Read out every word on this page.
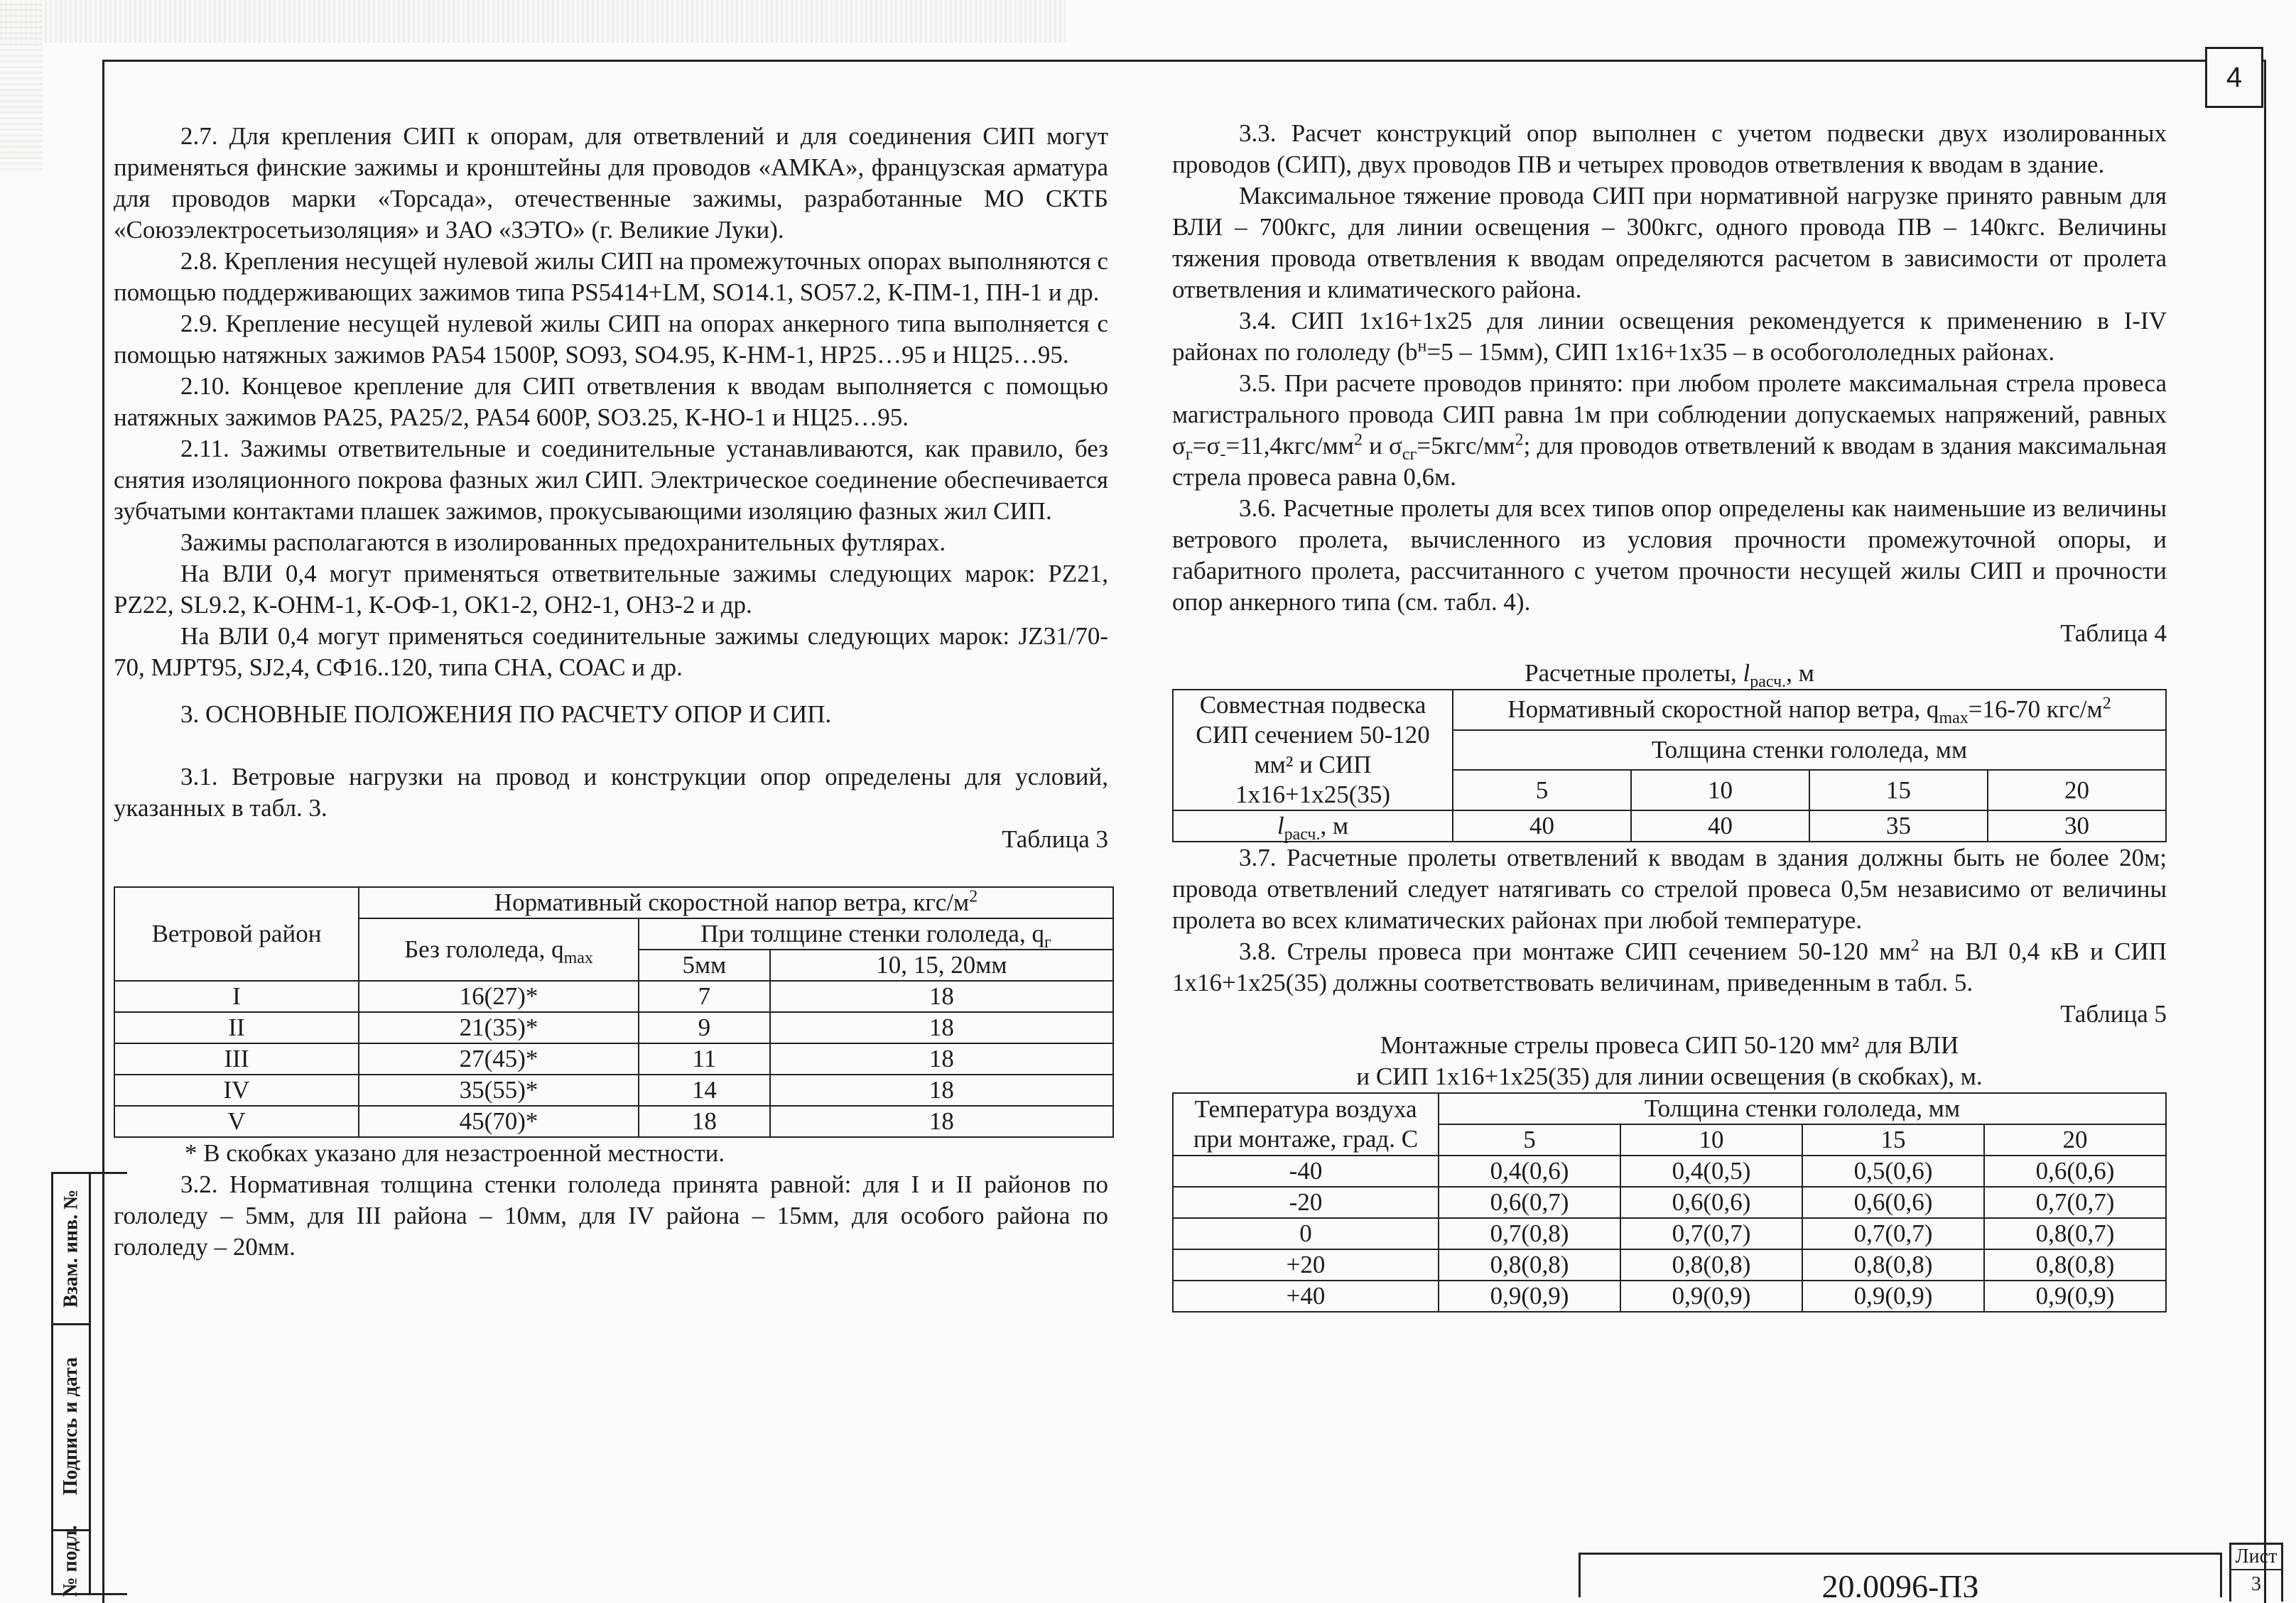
4

2.7. Для крепления СИП к опорам, для ответвлений и для соединения СИП могут применяться финские зажимы и кронштейны для проводов «АМКА», французская арматура для проводов марки «Торсада», отечественные зажимы, разработанные МО СКТБ «Союзэлектросетьизоляция» и ЗАО «ЗЭТО» (г. Великие Луки).

2.8. Крепления несущей нулевой жилы СИП на промежуточных опорах выполняются с помощью поддерживающих зажимов типа PS5414+LM, SO14.1, SO57.2, К-ПМ-1, ПН-1 и др.

2.9. Крепление несущей нулевой жилы СИП на опорах анкерного типа выполняется с помощью натяжных зажимов PA54 1500P, SO93, SO4.95, К-НМ-1, НР25…95 и НЦ25…95.

2.10. Концевое крепление для СИП ответвления к вводам выполняется с помощью натяжных зажимов PA25, PA25/2, PA54 600P, SO3.25, К-НО-1 и НЦ25…95.

2.11. Зажимы ответвительные и соединительные устанавливаются, как правило, без снятия изоляционного покрова фазных жил СИП. Электрическое соединение обеспечивается зубчатыми контактами плашек зажимов, прокусывающими изоляцию фазных жил СИП.

Зажимы располагаются в изолированных предохранительных футлярах.

На ВЛИ 0,4 могут применяться ответвительные зажимы следующих марок: PZ21, PZ22, SL9.2, К-ОНМ-1, К-ОФ-1, ОК1-2, ОН2-1, ОН3-2 и др.

На ВЛИ 0,4 могут применяться соединительные зажимы следующих марок: JZ31/70-70, MJPT95, SJ2,4, СФ16..120, типа СНА, СОАС и др.

3. ОСНОВНЫЕ ПОЛОЖЕНИЯ ПО РАСЧЕТУ ОПОР И СИП.

3.1. Ветровые нагрузки на провод и конструкции опор определены для условий, указанных в табл. 3.

Таблица 3

Ветровой район	Нормативный скоростной напор ветра, кгс/$м^2$
	Без гололеда, $q_{max}$	При толщине стенки гололеда, $q_г$
		5мм	10, 15, 20мм
I	16(27)*	7	18
II	21(35)*	9	18
III	27(45)*	11	18
IV	35(55)*	14	18
V	45(70)*	18	18

* В скобках указано для незастроенной местности.

3.2. Нормативная толщина стенки гололеда принята равной: для I и II районов по гололеду – 5мм, для III района – 10мм, для IV района – 15мм, для особого района по гололеду – 20мм.

3.3. Расчет конструкций опор выполнен с учетом подвески двух изолированных проводов (СИП), двух проводов ПВ и четырех проводов ответвления к вводам в здание.

Максимальное тяжение провода СИП при нормативной нагрузке принято равным для ВЛИ – 700кгс, для линии освещения – 300кгс, одного провода ПВ – 140кгс. Величины тяжения провода ответвления к вводам определяются расчетом в зависимости от пролета ответвления и климатического района.

3.4. СИП 1х16+1х25 для линии освещения рекомендуется к применению в I-IV районах по гололеду $(b^н=5 - 15мм)$, СИП 1х16+1х35 – в особогололедных районах.

3.5. При расчете проводов принято: при любом пролете максимальная стрела провеса магистрального провода СИП равна 1м при соблюдении допускаемых напряжений, равных $\sigma_г=\sigma_-=11,4кгс/мм^2$ и $\sigma_{сг}=5кгс/мм^2$; для проводов ответвлений к вводам в здания максимальная стрела провеса равна 0,6м.

3.6. Расчетные пролеты для всех типов опор определены как наименьшие из величины ветрового пролета, вычисленного из условия прочности промежуточной опоры, и габаритного пролета, рассчитанного с учетом прочности несущей жилы СИП и прочности опор анкерного типа (см. табл. 4).

Таблица 4

Расчетные пролеты, $l_{расч.}$, м

Совместная подвеска СИП сечением 50-120 мм² и СИП 1х16+1х25(35)	Нормативный скоростной напор ветра, $q_{max}=16-70$ кгс/$м^2$
	Толщина стенки гололеда, мм			
	5	10	15	20
$l_{расч.}$, м	40	40	35	30

3.7. Расчетные пролеты ответвлений к вводам в здания должны быть не более 20м; провода ответвлений следует натягивать со стрелой провеса 0,5м независимо от величины пролета во всех климатических районах при любой температуре.

3.8. Стрелы провеса при монтаже СИП сечением 50-120 $мм^2$ на ВЛ 0,4 кВ и СИП 1х16+1х25(35) должны соответствовать величинам, приведенным в табл. 5.

Таблица 5

Монтажные стрелы провеса СИП 50-120 мм² для ВЛИ

и СИП 1х16+1х25(35) для линии освещения (в скобках), м.

Температура воздуха при монтаже, град. С	Толщина стенки гололеда, мм			
	5	10	15	20
-40	0,4(0,6)	0,4(0,5)	0,5(0,6)	0,6(0,6)
-20	0,6(0,7)	0,6(0,6)	0,6(0,6)	0,7(0,7)
0	0,7(0,8)	0,7(0,7)	0,7(0,7)	0,8(0,7)
+20	0,8(0,8)	0,8(0,8)	0,8(0,8)	0,8(0,8)
+40	0,9(0,9)	0,9(0,9)	0,9(0,9)	0,9(0,9)
Взам. инв. №
Подпись и дата
№ подл.	20.0096-ПЗ
Лист
3
